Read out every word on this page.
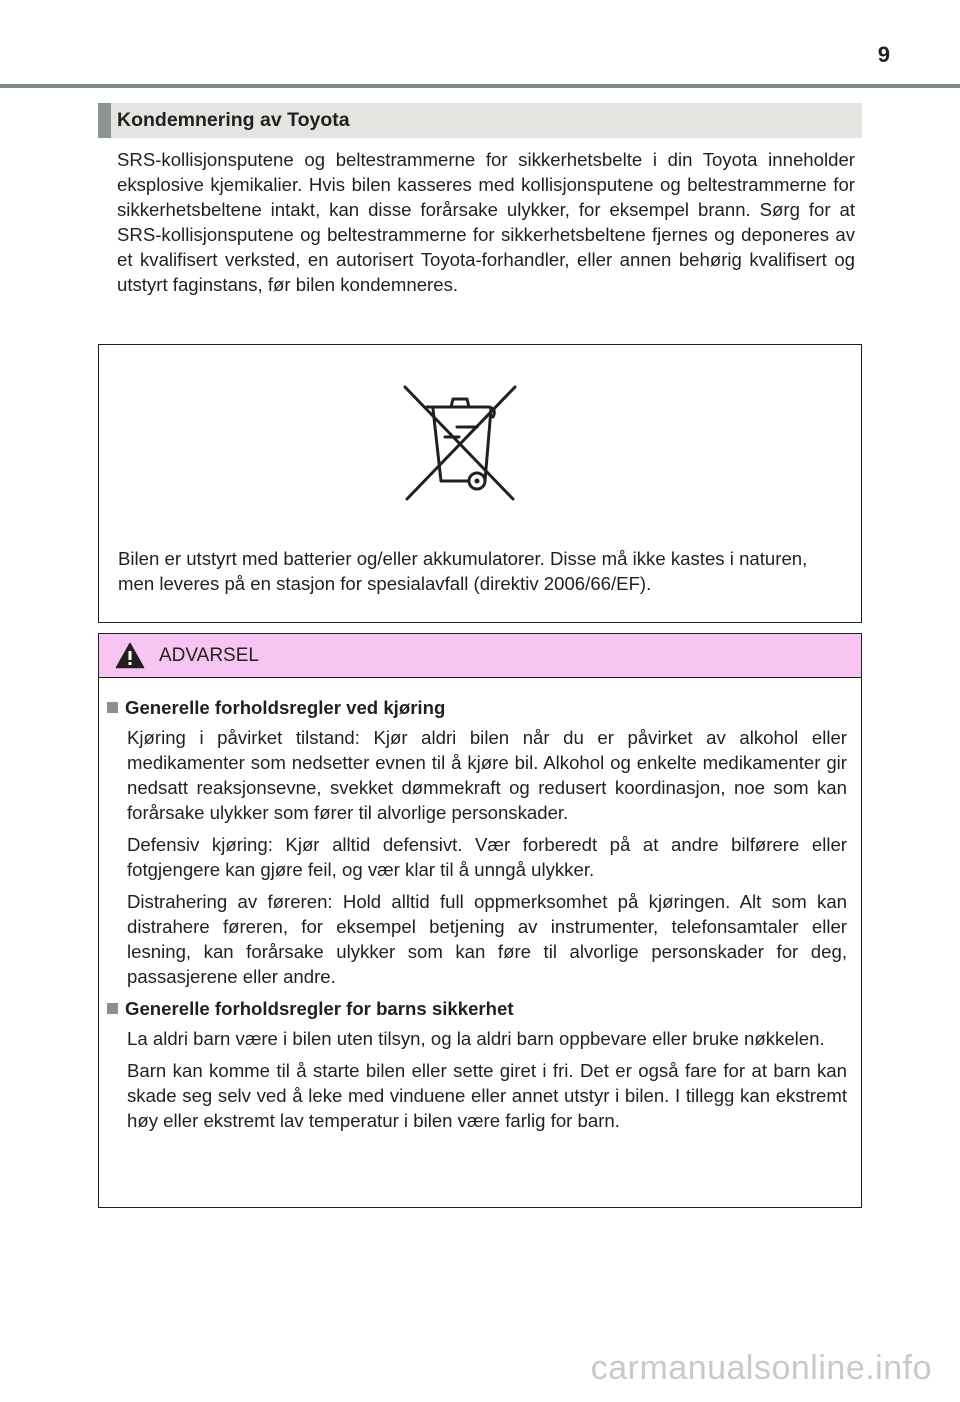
9
Kondemnering av Toyota

SRS-kollisjonsputene og beltestrammerne for sikkerhetsbelte i din Toyota inneholder eksplosive kjemikalier. Hvis bilen kasseres med kollisjonsputene og beltestrammerne for sikkerhetsbeltene intakt, kan disse forårsake ulykker, for eksempel brann. Sørg for at SRS-kollisjonsputene og beltestrammerne for sikkerhetsbeltene fjernes og deponeres av et kvalifisert verksted, en autorisert Toyota-forhandler, eller annen behørig kvalifisert og utstyrt faginstans, før bilen kondemneres.

Bilen er utstyrt med batterier og/eller akkumulatorer. Disse må ikke kastes i naturen, men leveres på en stasjon for spesialavfall (direktiv 2006/66/EF).

ADVARSEL
Generelle forholdsregler ved kjøring

Kjøring i påvirket tilstand: Kjør aldri bilen når du er påvirket av alkohol eller medikamenter som nedsetter evnen til å kjøre bil. Alkohol og enkelte medikamenter gir nedsatt reaksjonsevne, svekket dømmekraft og redusert koordinasjon, noe som kan forårsake ulykker som fører til alvorlige personskader.

Defensiv kjøring: Kjør alltid defensivt. Vær forberedt på at andre bilførere eller fotgjengere kan gjøre feil, og vær klar til å unngå ulykker.

Distrahering av føreren: Hold alltid full oppmerksomhet på kjøringen. Alt som kan distrahere føreren, for eksempel betjening av instrumenter, telefonsamtaler eller lesning, kan forårsake ulykker som kan føre til alvorlige personskader for deg, passasjerene eller andre.

Generelle forholdsregler for barns sikkerhet

La aldri barn være i bilen uten tilsyn, og la aldri barn oppbevare eller bruke nøkkelen.

Barn kan komme til å starte bilen eller sette giret i fri. Det er også fare for at barn kan skade seg selv ved å leke med vinduene eller annet utstyr i bilen. I tillegg kan ekstremt høy eller ekstremt lav temperatur i bilen være farlig for barn.

carmanualsonline.info
